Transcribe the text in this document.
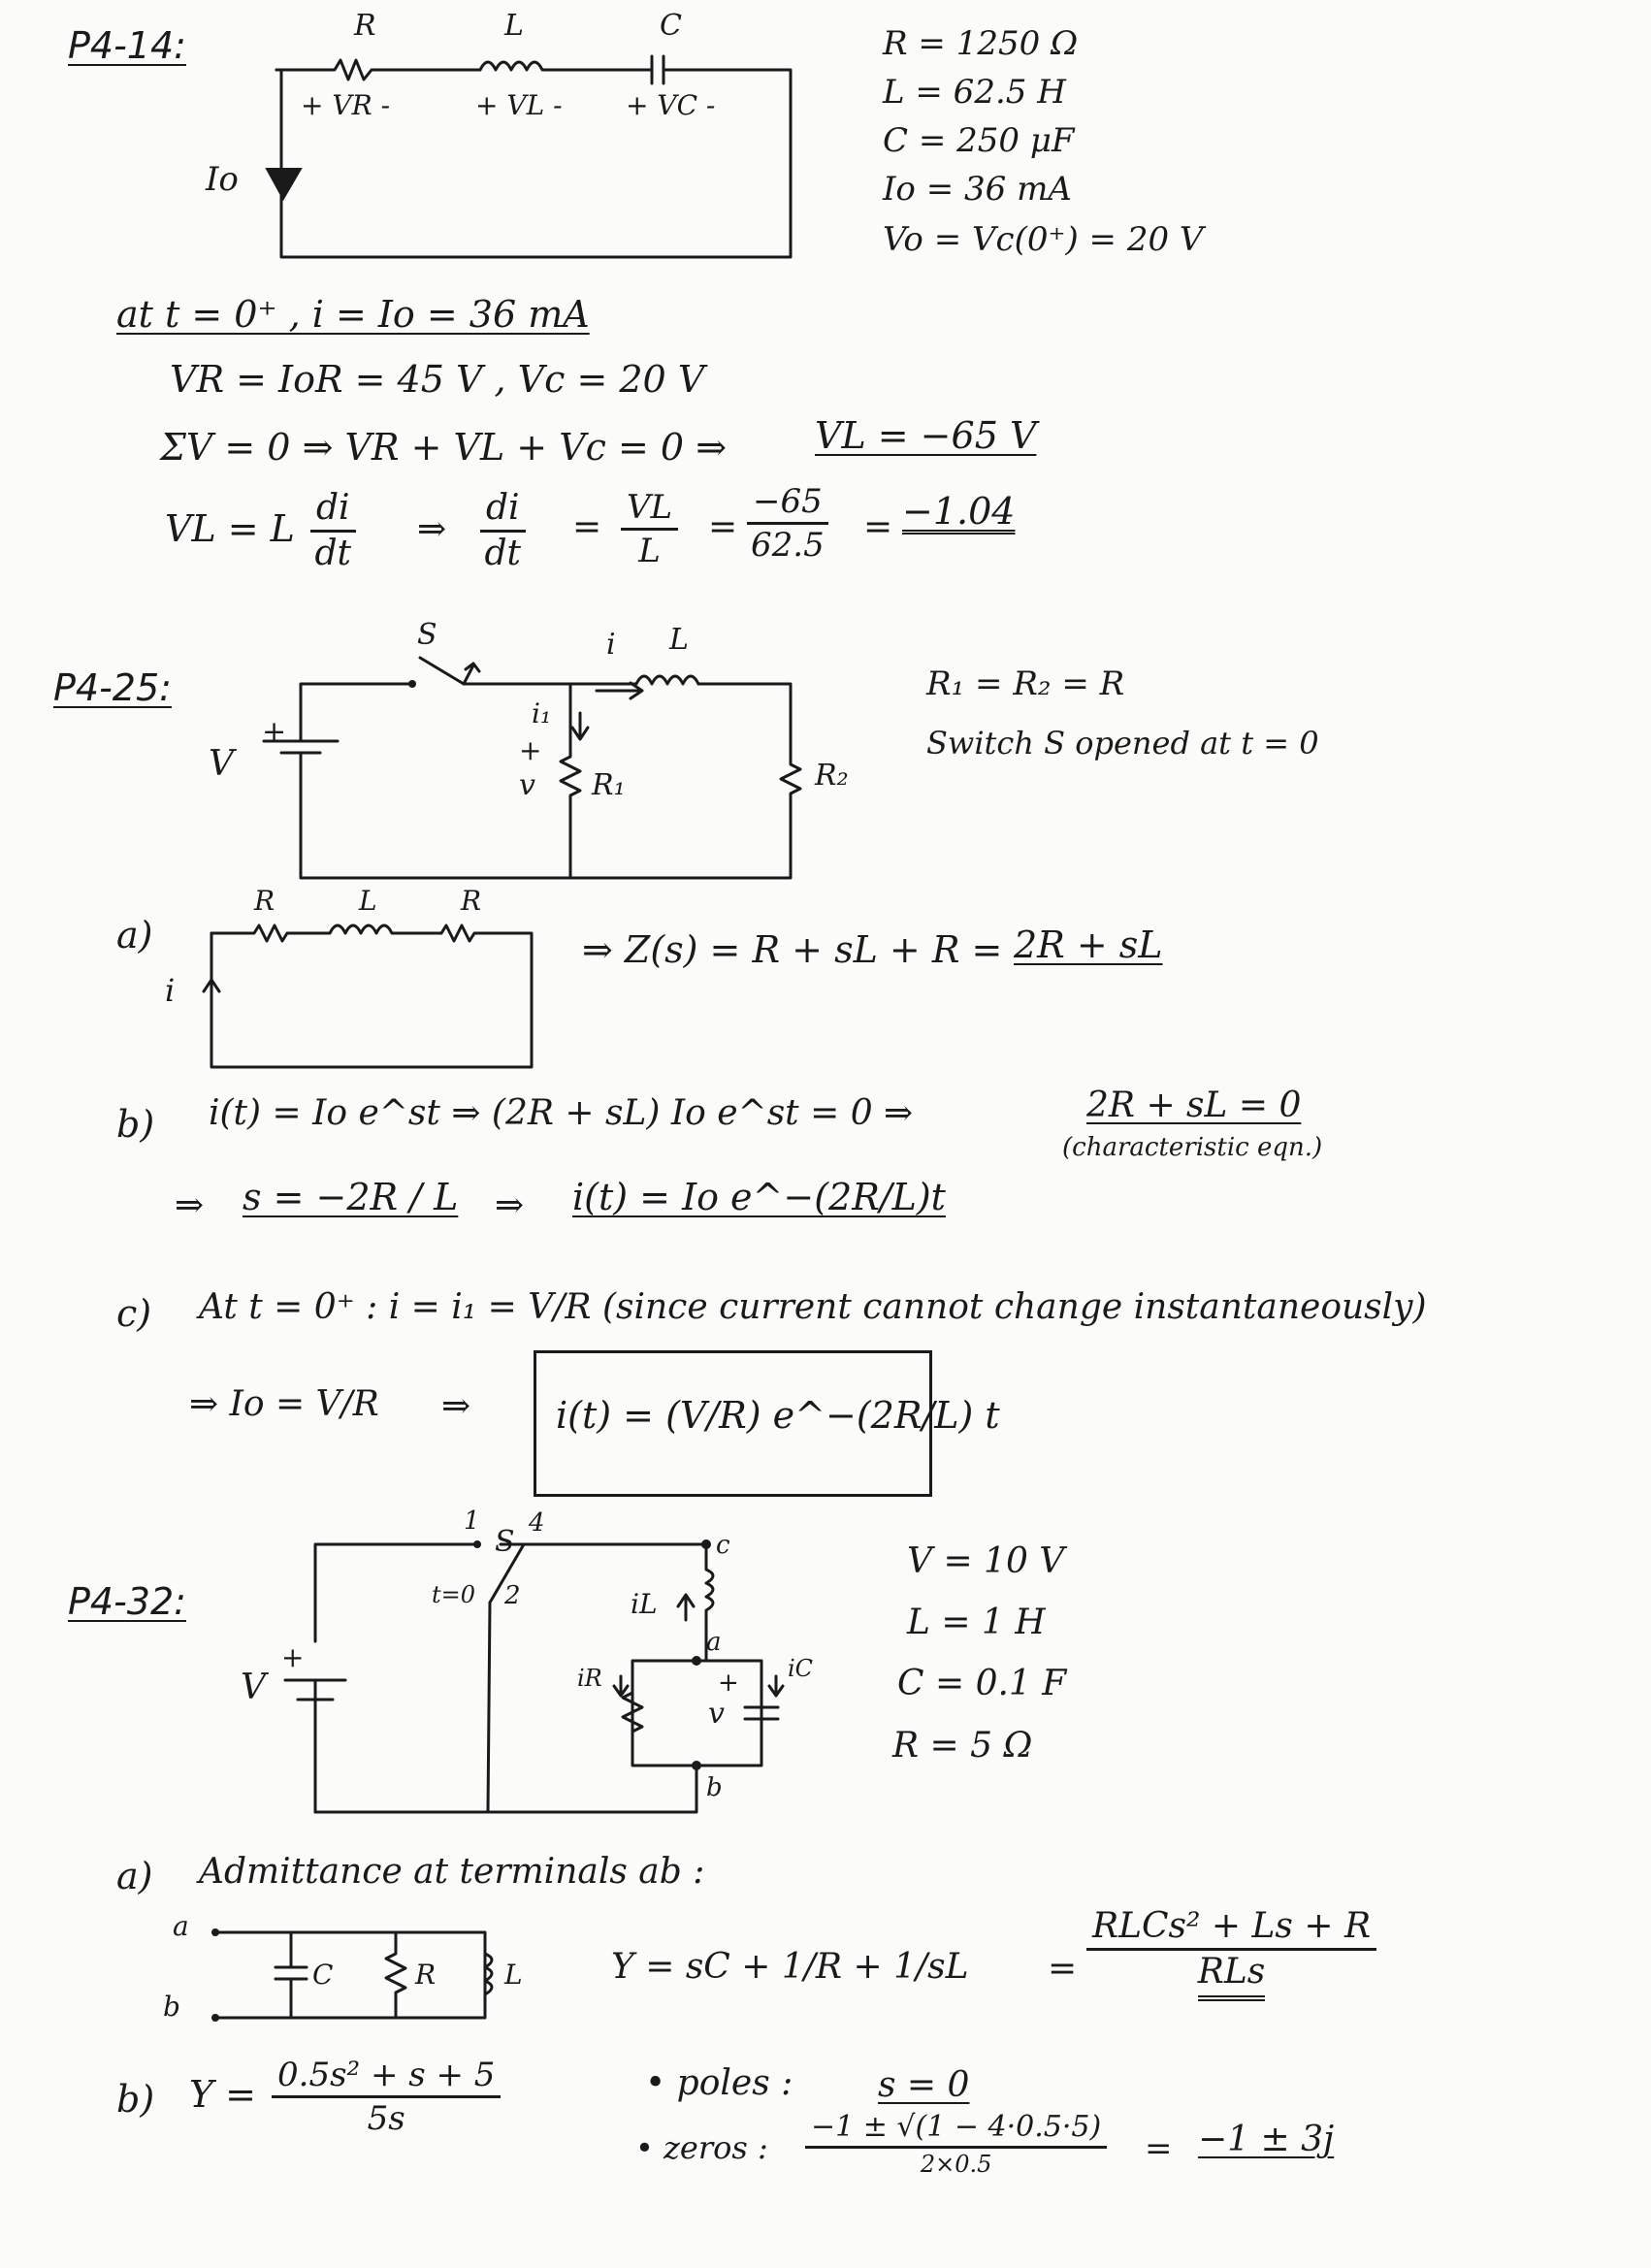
P4-14:	R	L	C
+ VR -	+ VL - + VC -
Io
R = 1250 Ω
L = 62.5 H
C = 250 μF
Io = 36 mA
Vo = Vc(0⁺) = 20 V
at t = 0⁺ , i = Io = 36 mA
VR = IoR = 45 V , Vc = 20 V
ΣV = 0 ⇒ VR + VL + Vc = 0 ⇒ VL = −65 V
VL = L $\frac{di}{dt}$ ⇒ $\frac{di}{dt} = \frac{VL}{L} = \frac{-65}{62.5} = -1.04$
P4-25:
S	i L
+
V
i₁
+
v R₁	R₂
R₁ = R₂ = R
Switch S opened at t = 0
a)
R	L	R
i
⇒ Z(s) = R + sL + R = 2R + sL
b) i(t) = Io e^st ⇒ (2R + sL) Io e^st = 0 ⇒	2R + sL = 0
(characteristic eqn.)
⇒ s = −2R / L ⇒ i(t) = Io e^−(2R/L)t
c) At t = 0⁺ : i = i₁ = V/R (since current cannot change instantaneously)
⇒ Io = V/R ⇒ i(t) = (V/R) e^−(2R/L) t
P4-32:
1
S
4
t=0 2
c
iL
a
iR	iC
+
v
b
+
V
V = 10 V
L = 1 H
C = 0.1 F
R = 5 Ω
a) Admittance at terminals ab :
a
b
C	R	L	Y = sC + 1/R + 1/sL =
RLCs² + Ls + R
RLs
b) $Y = \frac{\text{0.5s² + s + 5}}{5s}$	• poles : s = 0
• zeros :
−1 ± √(1 − 4·0.5·5)
2×0.5	= −1 ± 3j
